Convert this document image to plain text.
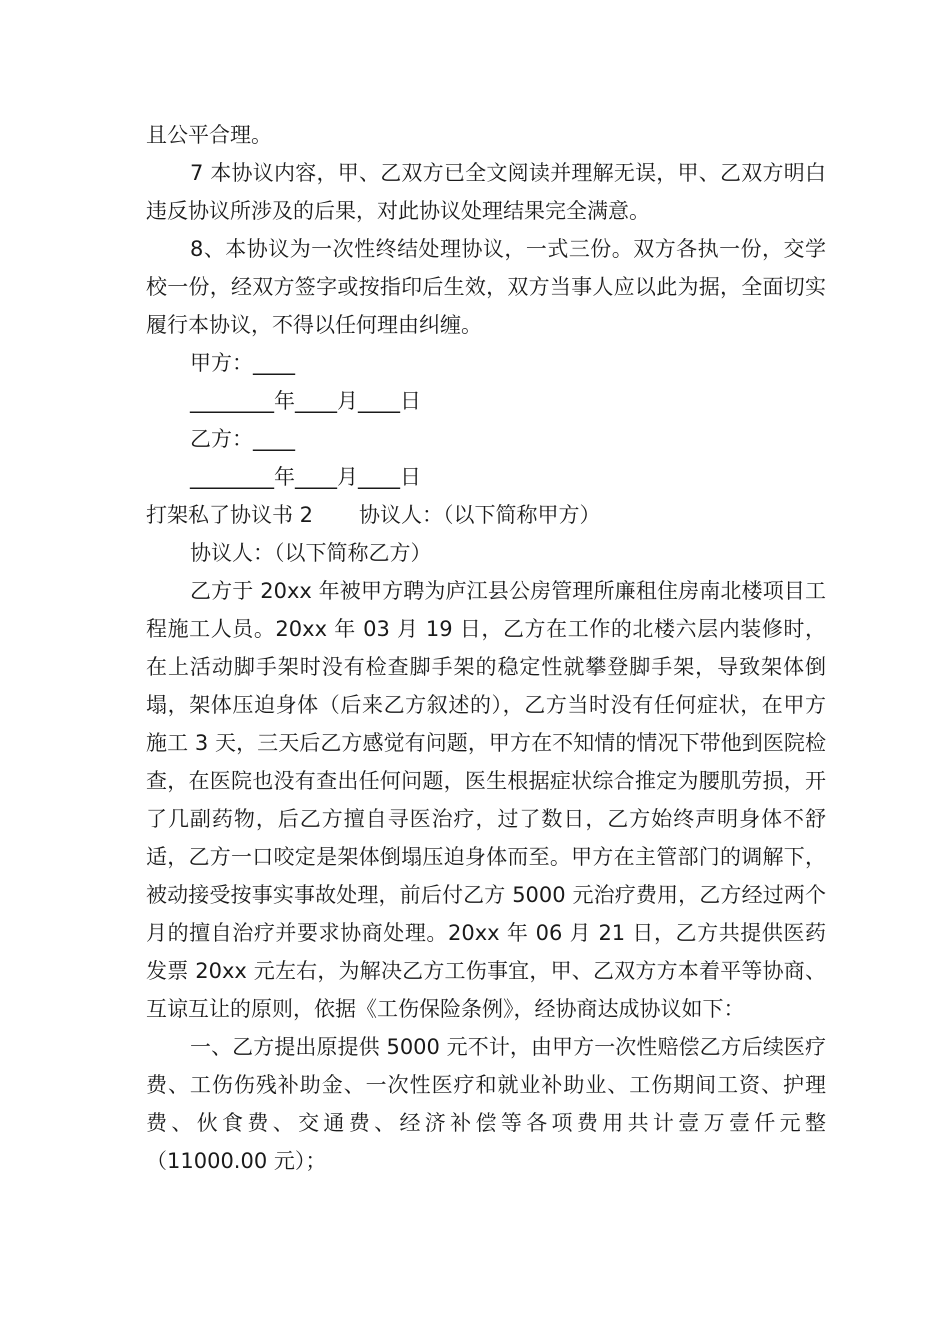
且公平合理。

7 本协议内容，甲、乙双方已全文阅读并理解无误，甲、乙双方明白违反协议所涉及的后果，对此协议处理结果完全满意。

8、本协议为一次性终结处理协议，一式三份。双方各执一份，交学校一份，经双方签字或按指印后生效，双方当事人应以此为据，全面切实履行本协议，不得以任何理由纠缠。

甲方：____

________年____月____日

乙方：____

________年____月____日

打架私了协议书 2 协议人：（以下简称甲方）

协议人：（以下简称乙方）

乙方于 20xx 年被甲方聘为庐江县公房管理所廉租住房南北楼项目工程施工人员。20xx 年 03 月 19 日，乙方在工作的北楼六层内装修时，在上活动脚手架时没有检查脚手架的稳定性就攀登脚手架，导致架体倒塌，架体压迫身体（后来乙方叙述的），乙方当时没有任何症状，在甲方施工 3 天，三天后乙方感觉有问题，甲方在不知情的情况下带他到医院检查，在医院也没有查出任何问题，医生根据症状综合推定为腰肌劳损，开了几副药物，后乙方擅自寻医治疗，过了数日，乙方始终声明身体不舒适，乙方一口咬定是架体倒塌压迫身体而至。甲方在主管部门的调解下，被动接受按事实事故处理，前后付乙方 5000 元治疗费用，乙方经过两个月的擅自治疗并要求协商处理。20xx 年 06 月 21 日，乙方共提供医药发票 20xx 元左右，为解决乙方工伤事宜，甲、乙双方方本着平等协商、互谅互让的原则，依据《工伤保险条例》，经协商达成协议如下：

一、乙方提出原提供 5000 元不计，由甲方一次性赔偿乙方后续医疗费、工伤伤残补助金、一次性医疗和就业补助业、工伤期间工资、护理费、伙食费、交通费、经济补偿等各项费用共计壹万壹仟元整（11000.00 元）；
